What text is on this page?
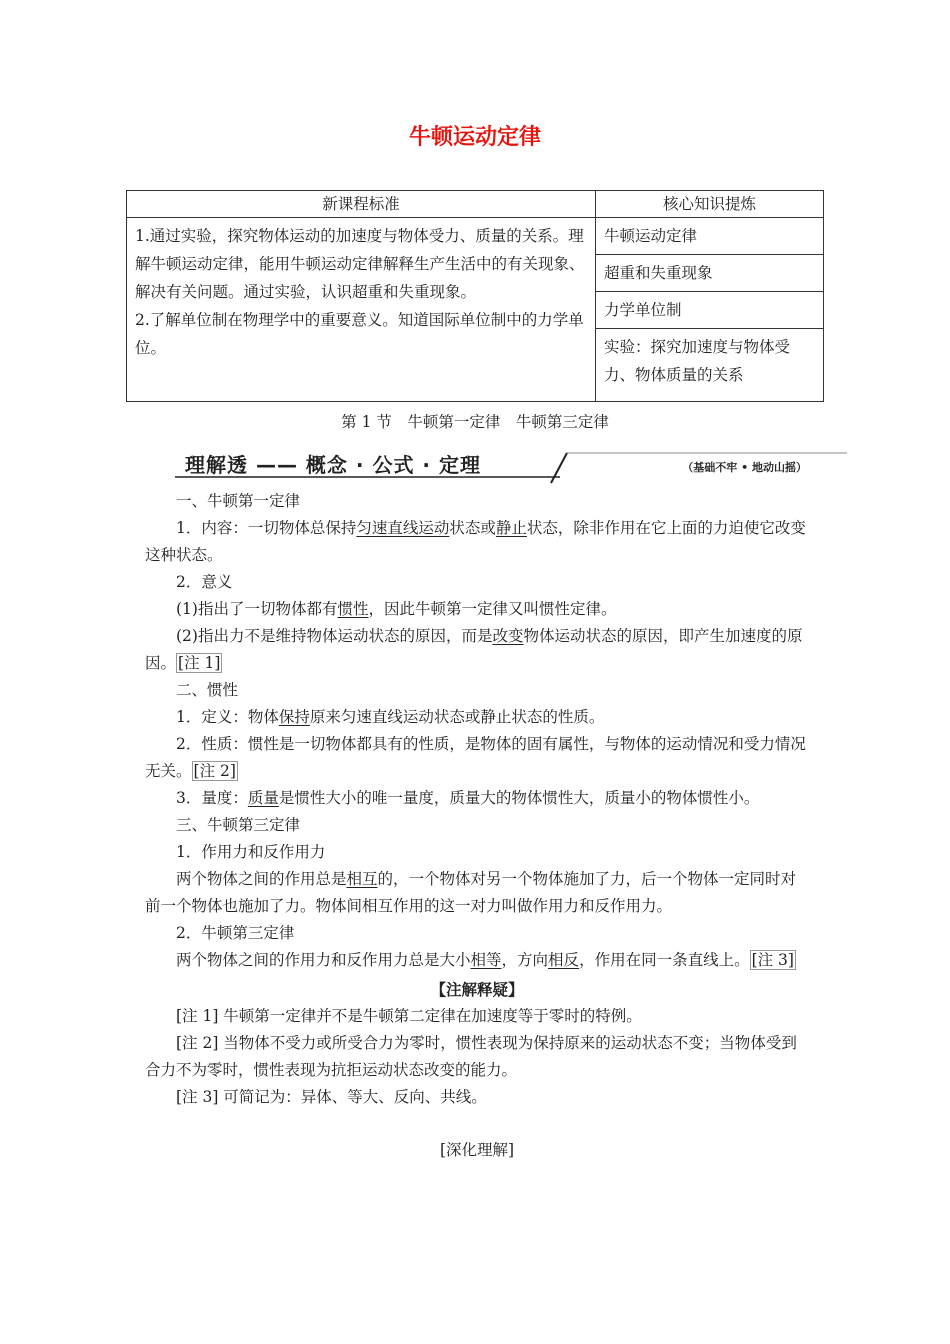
牛顿运动定律
新课程标准	核心知识提炼

1.通过实验，探究物体运动的加速度与物体受力、质量的关系。理解牛顿运动定律，能用牛顿运动定律解释生产生活中的有关现象、解决有关问题。通过实验，认识超重和失重现象。
2.了解单位制在物理学中的重要意义。知道国际单位制中的力学单位。	牛顿运动定律
	超重和失重现象
	力学单位制
	实验：探究加速度与物体受力、物体质量的关系
第 1 节　牛顿第一定律　牛顿第三定律
理解透 —— 概念 · 公式 · 定理	（基础不牢 • 地动山摇）

一、牛顿第一定律

1．内容：一切物体总保持匀速直线运动状态或静止状态，除非作用在它上面的力迫使它改变这种状态。

2．意义

(1)指出了一切物体都有惯性，因此牛顿第一定律又叫惯性定律。

(2)指出力不是维持物体运动状态的原因，而是改变物体运动状态的原因，即产生加速度的原因。 [注 1]

二、惯性

1．定义：物体保持原来匀速直线运动状态或静止状态的性质。

2．性质：惯性是一切物体都具有的性质，是物体的固有属性，与物体的运动情况和受力情况无关。 [注 2]

3．量度：质量是惯性大小的唯一量度，质量大的物体惯性大，质量小的物体惯性小。

三、牛顿第三定律

1．作用力和反作用力

两个物体之间的作用总是相互的，一个物体对另一个物体施加了力，后一个物体一定同时对前一个物体也施加了力。物体间相互作用的这一对力叫做作用力和反作用力。

2．牛顿第三定律

两个物体之间的作用力和反作用力总是大小相等，方向相反，作用在同一条直线上。 [注 3]

【注解释疑】

[注 1] 牛顿第一定律并不是牛顿第二定律在加速度等于零时的特例。

[注 2] 当物体不受力或所受合力为零时，惯性表现为保持原来的运动状态不变；当物体受到合力不为零时，惯性表现为抗拒运动状态改变的能力。

[注 3] 可简记为：异体、等大、反向、共线。

[深化理解]
